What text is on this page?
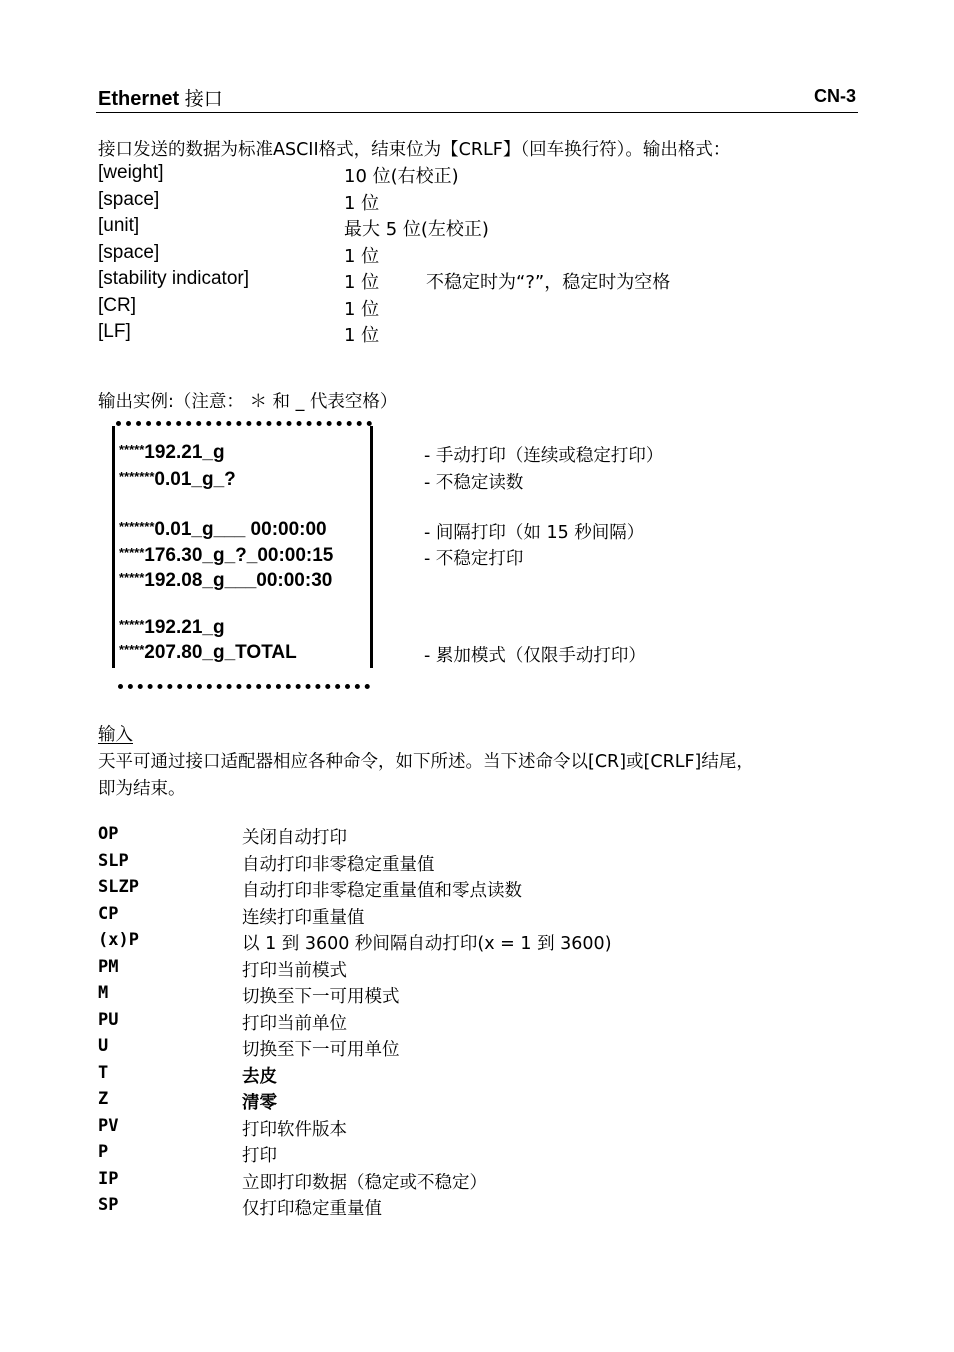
Ethernet 接口	CN-3
接口发送的数据为标准ASCII格式，结束位为【CRLF】（回车换行符）。输出格式：
[weight]	10 位(右校正)
[space]	1 位
[unit]	最大 5 位(左校正)
[space]	1 位
[stability indicator]	1 位	不稳定时为“?”，稳定时为空格
[CR]	1 位
[LF]	1 位
输出实例:（注意： ＊ 和 _ 代表空格）
*****192.21_g
*******0.01_g_?
*******0.01_g___ 00:00:00
*****176.30_g_?_00:00:15
*****192.08_g___00:00:30
*****192.21_g
*****207.80_g_TOTAL
- 手动打印（连续或稳定打印）
- 不稳定读数
- 间隔打印（如 15 秒间隔）
- 不稳定打印
- 累加模式（仅限手动打印）
输入
天平可通过接口适配器相应各种命令，如下所述。当下述命令以[CR]或[CRLF]结尾，
即为结束。
OP	关闭自动打印
SLP	自动打印非零稳定重量值
SLZP	自动打印非零稳定重量值和零点读数
CP	连续打印重量值
(x)P	以 1 到 3600 秒间隔自动打印(x = 1 到 3600)
PM	打印当前模式
M	切换至下一可用模式
PU	打印当前单位
U	切换至下一可用单位
T	去皮
Z	清零
PV	打印软件版本
P	打印
IP	立即打印数据（稳定或不稳定）
SP	仅打印稳定重量值
